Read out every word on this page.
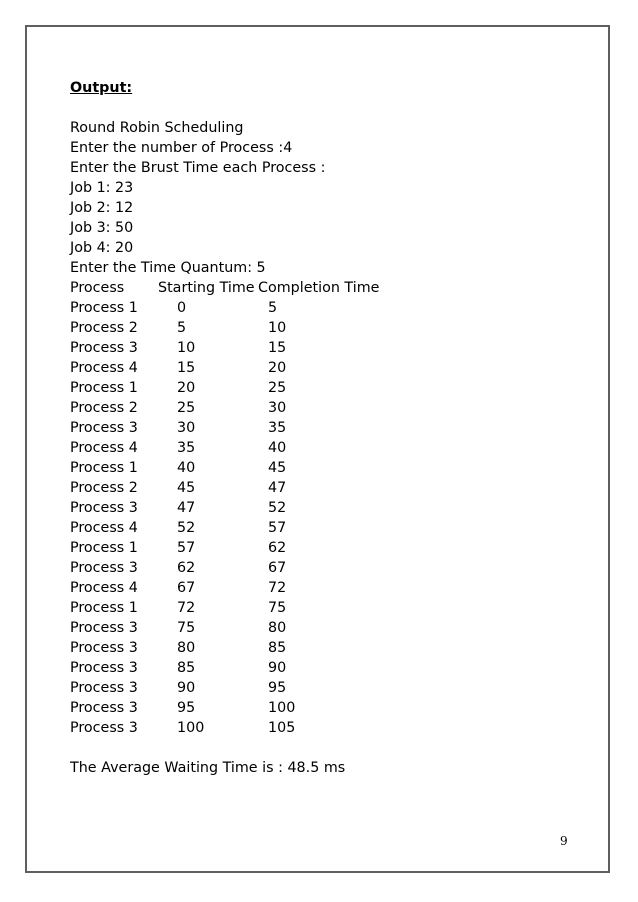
Output:
Round Robin Scheduling
Enter the number of Process :4
Enter the Brust Time each Process :
Job 1: 23
Job 2: 12
Job 3: 50
Job 4: 20
Enter the Time Quantum: 5
Process Starting Time Completion Time
Process 1	0	5
Process 2	5	10
Process 3	10	15
Process 4	15	20
Process 1	20	25
Process 2	25	30
Process 3	30	35
Process 4	35	40
Process 1	40	45
Process 2	45	47
Process 3	47	52
Process 4	52	57
Process 1	57	62
Process 3	62	67
Process 4	67	72
Process 1	72	75
Process 3	75	80
Process 3	80	85
Process 3	85	90
Process 3	90	95
Process 3	95	100
Process 3	100	105
The Average Waiting Time is : 48.5 ms
9
